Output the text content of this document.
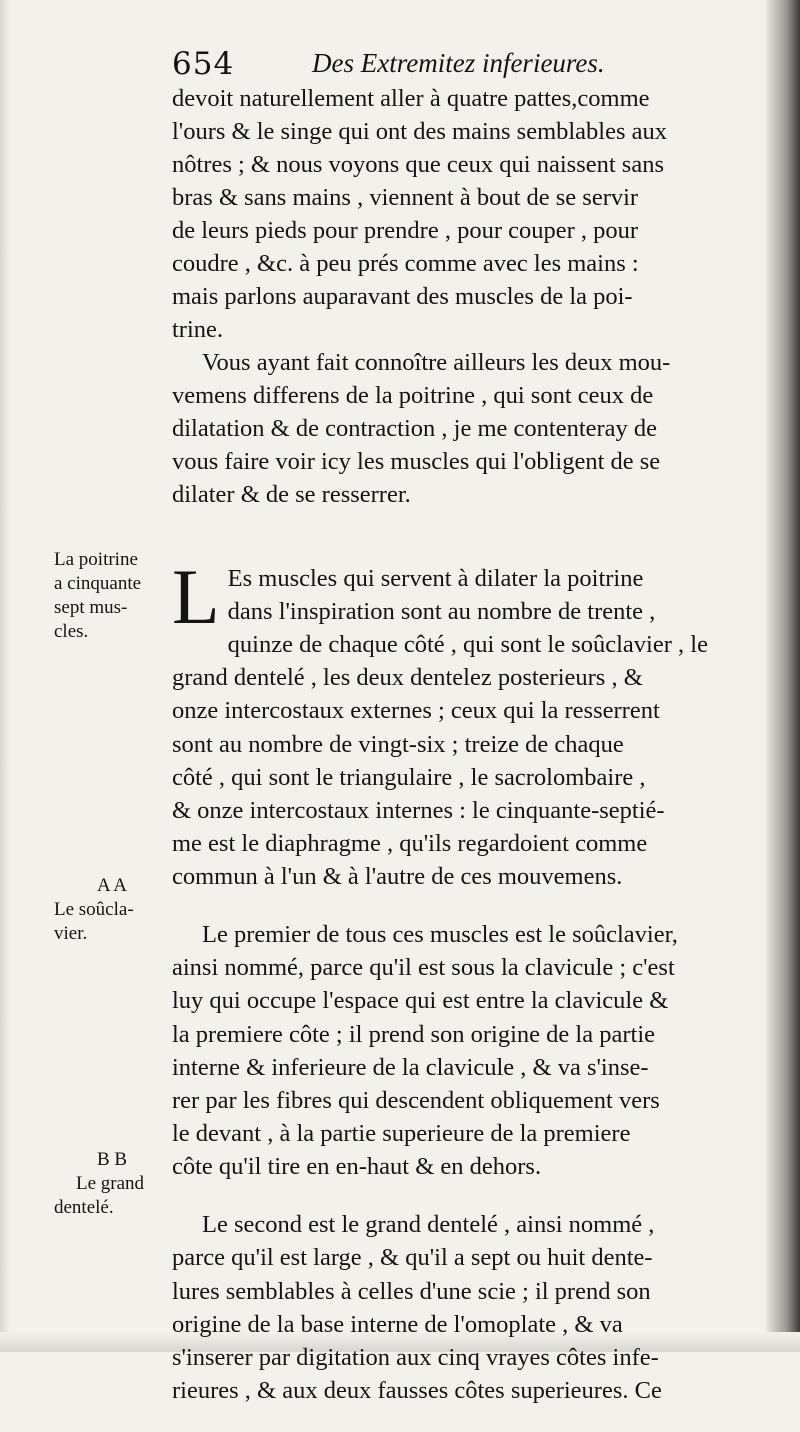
654	Des Extremitez inferieures.

devoit naturellement aller à quatre pattes,comme
l'ours & le singe qui ont des mains semblables aux
nôtres ; & nous voyons que ceux qui naissent sans
bras & sans mains , viennent à bout de se servir
de leurs pieds pour prendre , pour couper , pour
coudre , &c. à peu prés comme avec les mains :
mais parlons auparavant des muscles de la poi-
trine.

Vous ayant fait connoître ailleurs les deux mou-
vemens differens de la poitrine , qui sont ceux de
dilatation & de contraction , je me contenteray de
vous faire voir icy les muscles qui l'obligent de se
dilater & de se resserrer.

L Es muscles qui servent à dilater la poitrine
dans l'inspiration sont au nombre de trente ,
quinze de chaque côté , qui sont le soûclavier , le
grand dentelé , les deux dentelez posterieurs , &
onze intercostaux externes ; ceux qui la resserrent
sont au nombre de vingt-six ; treize de chaque
côté , qui sont le triangulaire , le sacrolombaire ,
& onze intercostaux internes : le cinquante-septié-
me est le diaphragme , qu'ils regardoient comme
commun à l'un & à l'autre de ces mouvemens.

Le premier de tous ces muscles est le soûclavier,
ainsi nommé, parce qu'il est sous la clavicule ; c'est
luy qui occupe l'espace qui est entre la clavicule &
la premiere côte ; il prend son origine de la partie
interne & inferieure de la clavicule , & va s'inse-
rer par les fibres qui descendent obliquement vers
le devant , à la partie superieure de la premiere
côte qu'il tire en en-haut & en dehors.

Le second est le grand dentelé , ainsi nommé ,
parce qu'il est large , & qu'il a sept ou huit dente-
lures semblables à celles d'une scie ; il prend son
origine de la base interne de l'omoplate , & va
s'inserer par digitation aux cinq vrayes côtes infe-
rieures , & aux deux fausses côtes superieures. Ce

La poitrine
a cinquante
sept mus-
cles.
A A
Le soûcla-
vier.
B B
Le grand
dentelé.
